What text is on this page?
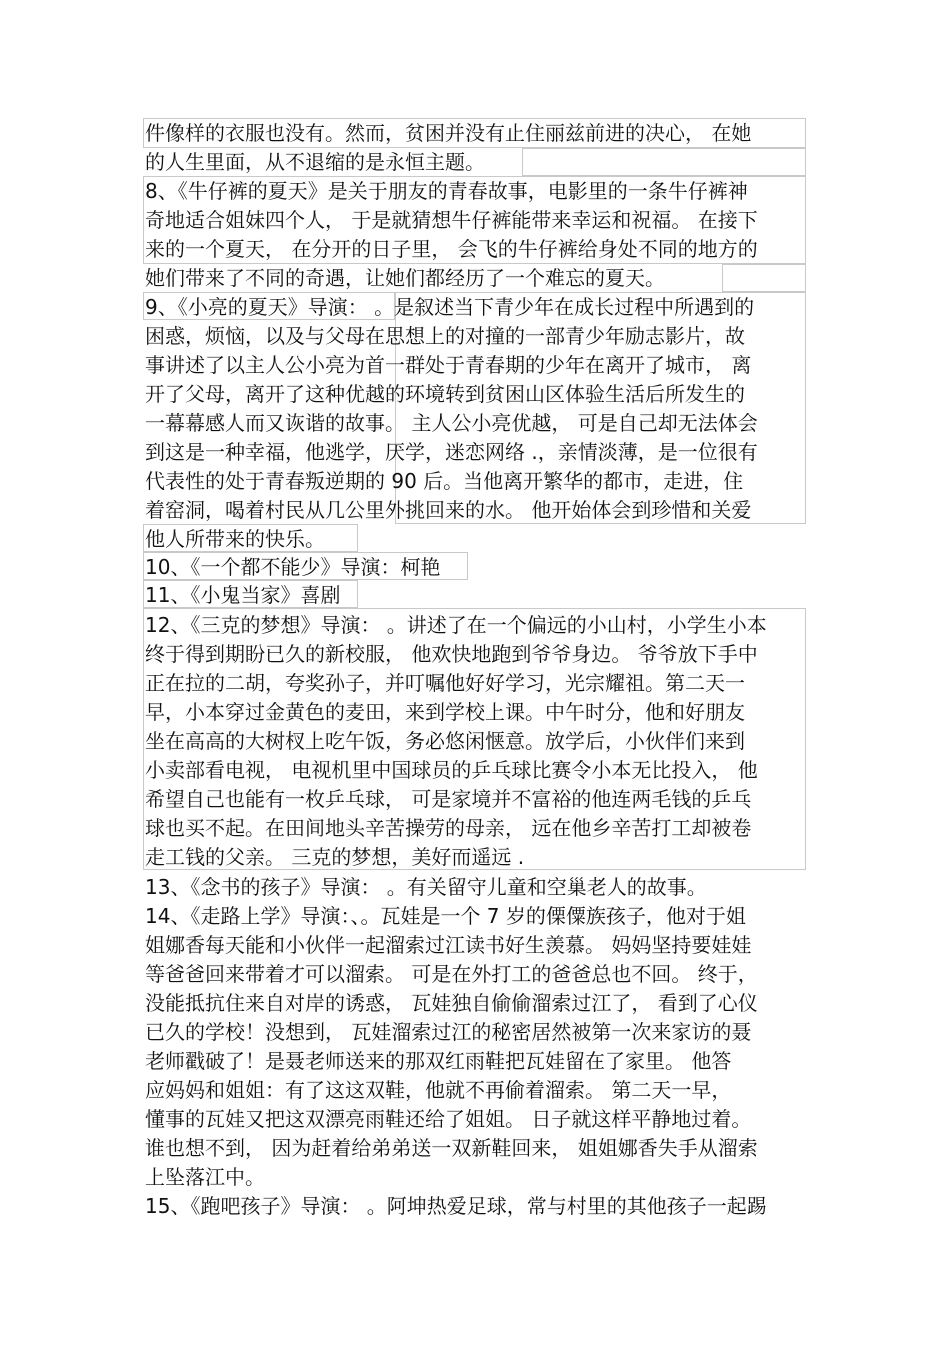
件像样的衣服也没有。然而，贫困并没有止住丽兹前进的决心， 在她
的人生里面，从不退缩的是永恒主题。
8、《牛仔裤的夏天》是关于朋友的青春故事，电影里的一条牛仔裤神
奇地适合姐妹四个人， 于是就猜想牛仔裤能带来幸运和祝福。 在接下
来的一个夏天， 在分开的日子里， 会飞的牛仔裤给身处不同的地方的
她们带来了不同的奇遇，让她们都经历了一个难忘的夏天。
9、《小亮的夏天》导演： 。是叙述当下青少年在成长过程中所遇到的
困惑，烦恼，以及与父母在思想上的对撞的一部青少年励志影片，故
事讲述了以主人公小亮为首一群处于青春期的少年在离开了城市， 离
开了父母，离开了这种优越的环境转到贫困山区体验生活后所发生的
一幕幕感人而又诙谐的故事。 主人公小亮优越， 可是自己却无法体会
到这是一种幸福，他逃学，厌学，迷恋网络 .，亲情淡薄，是一位很有
代表性的处于青春叛逆期的 90 后。当他离开繁华的都市，走进，住
着窑洞，喝着村民从几公里外挑回来的水。 他开始体会到珍惜和关爱
他人所带来的快乐。
10、《一个都不能少》导演：柯艳
11、《小鬼当家》喜剧
12、《三克的梦想》导演： 。讲述了在一个偏远的小山村，小学生小本
终于得到期盼已久的新校服， 他欢快地跑到爷爷身边。 爷爷放下手中
正在拉的二胡，夸奖孙子，并叮嘱他好好学习，光宗耀祖。第二天一
早，小本穿过金黄色的麦田，来到学校上课。中午时分，他和好朋友
坐在高高的大树杈上吃午饭，务必悠闲惬意。放学后，小伙伴们来到
小卖部看电视， 电视机里中国球员的乒乓球比赛令小本无比投入， 他
希望自己也能有一枚乒乓球， 可是家境并不富裕的他连两毛钱的乒乓
球也买不起。在田间地头辛苦操劳的母亲， 远在他乡辛苦打工却被卷
走工钱的父亲。 三克的梦想，美好而遥远 .
13、《念书的孩子》导演： 。有关留守儿童和空巢老人的故事。
14、《走路上学》导演：、。瓦娃是一个 7 岁的傈僳族孩子，他对于姐
姐娜香每天能和小伙伴一起溜索过江读书好生羡慕。 妈妈坚持要娃娃
等爸爸回来带着才可以溜索。 可是在外打工的爸爸总也不回。 终于，
没能抵抗住来自对岸的诱惑， 瓦娃独自偷偷溜索过江了， 看到了心仪
已久的学校！没想到， 瓦娃溜索过江的秘密居然被第一次来家访的聂
老师戳破了！是聂老师送来的那双红雨鞋把瓦娃留在了家里。 他答
应妈妈和姐姐：有了这这双鞋，他就不再偷着溜索。 第二天一早，
懂事的瓦娃又把这双漂亮雨鞋还给了姐姐。 日子就这样平静地过着。
谁也想不到， 因为赶着给弟弟送一双新鞋回来， 姐姐娜香失手从溜索
上坠落江中。
15、《跑吧孩子》导演： 。阿坤热爱足球，常与村里的其他孩子一起踢
